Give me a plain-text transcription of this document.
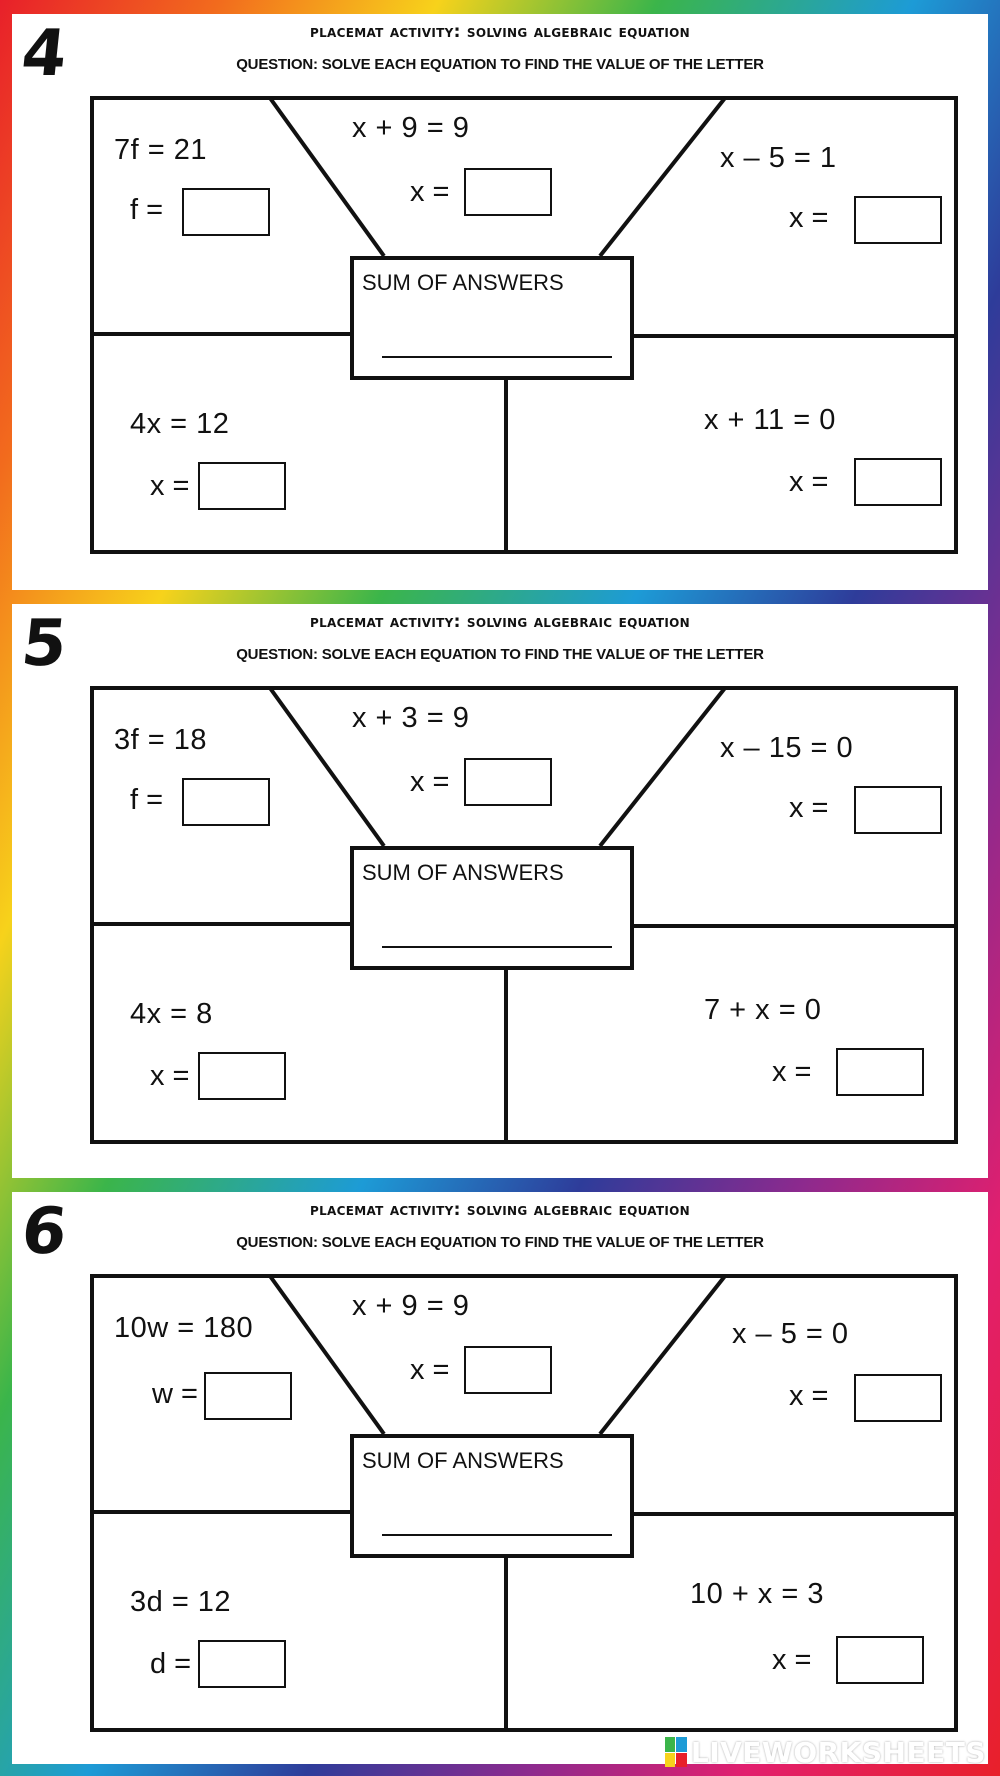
4	placemat activity: solving algebraic equation
QUESTION: SOLVE EACH EQUATION TO FIND THE VALUE OF THE LETTER
7f = 21
f =
x + 9 = 9
x =
x – 5 = 1
x =
SUM OF ANSWERS
4x = 12
x =
x + 11 = 0
x =
5	placemat activity: solving algebraic equation
QUESTION: SOLVE EACH EQUATION TO FIND THE VALUE OF THE LETTER
3f = 18
f =
x + 3 = 9
x =
x – 15 = 0
x =
SUM OF ANSWERS
4x = 8
x =
7 + x = 0
x =
6	placemat activity: solving algebraic equation
QUESTION: SOLVE EACH EQUATION TO FIND THE VALUE OF THE LETTER
10w = 180
w =
x + 9 = 9
x =
x – 5 = 0
x =
SUM OF ANSWERS
3d = 12
d =
10 + x = 3
x =
LIVEWORKSHEETS
